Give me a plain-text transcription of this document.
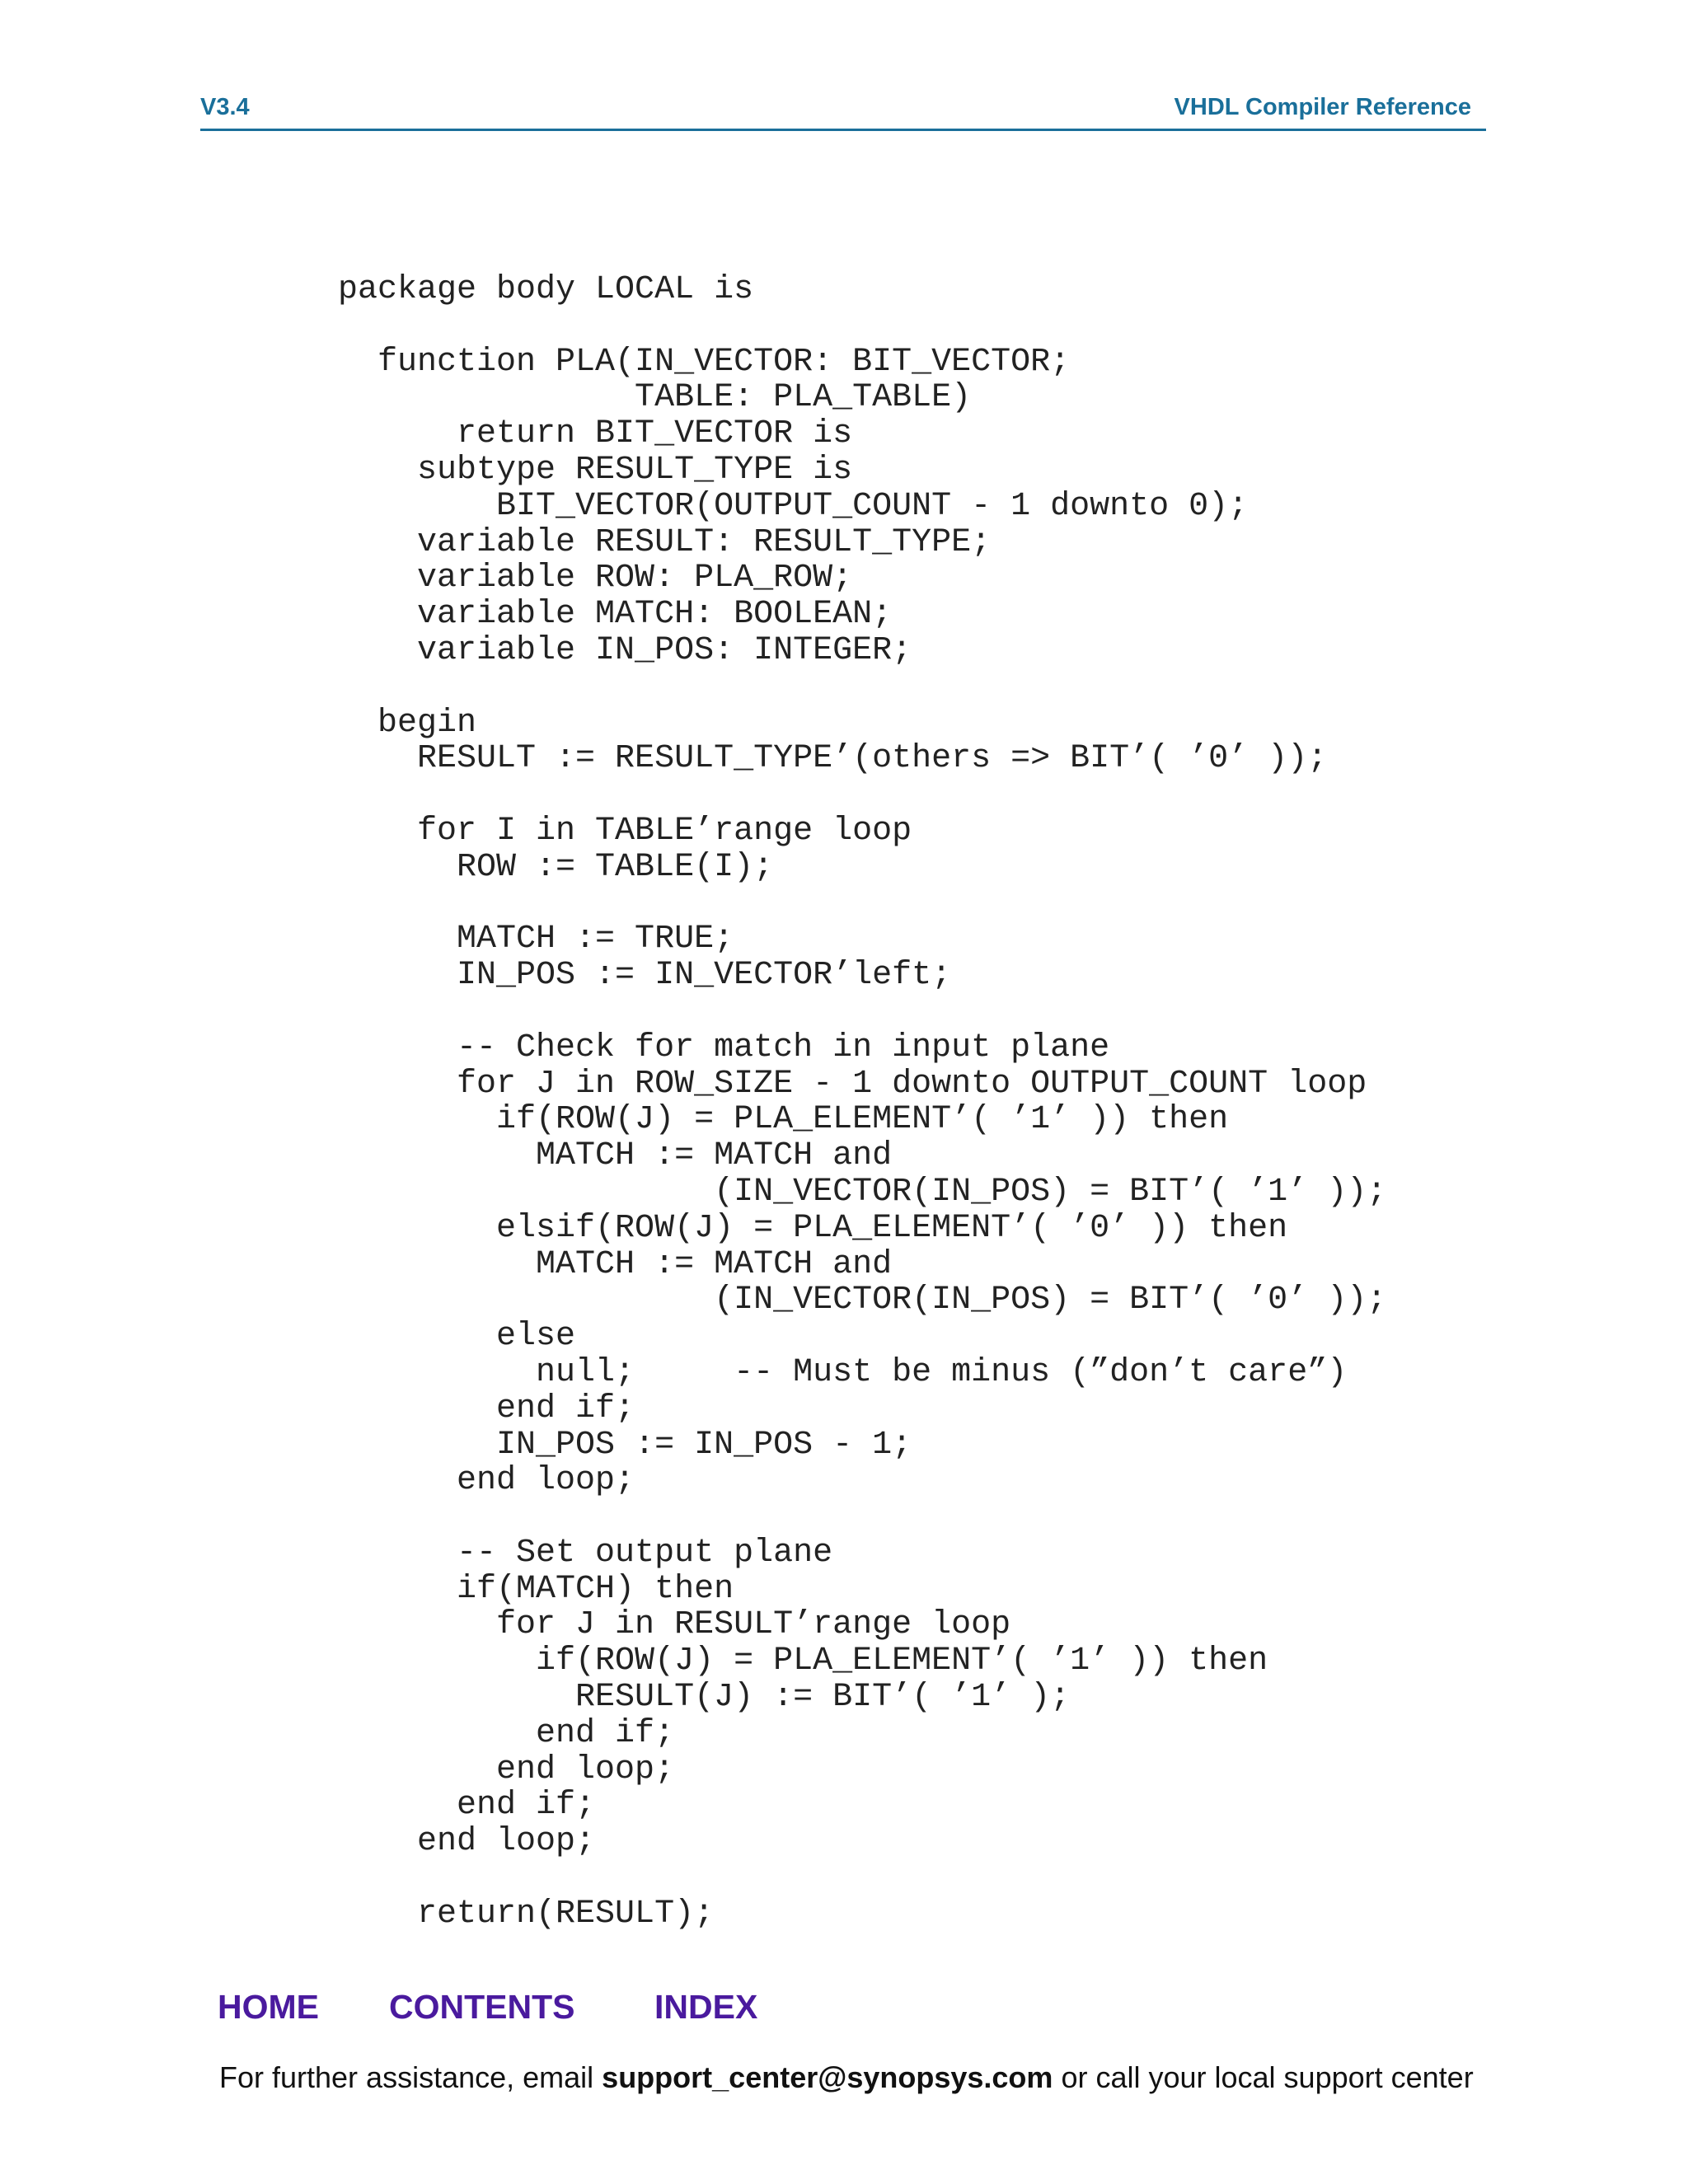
V3.4	VHDL Compiler Reference
package body LOCAL is
function PLA(IN_VECTOR: BIT_VECTOR;
TABLE: PLA_TABLE)
return BIT_VECTOR is
subtype RESULT_TYPE is
BIT_VECTOR(OUTPUT_COUNT - 1 downto 0);
variable RESULT: RESULT_TYPE;
variable ROW: PLA_ROW;
variable MATCH: BOOLEAN;
variable IN_POS: INTEGER;
begin
RESULT := RESULT_TYPE’(others => BIT’( ’0’ ));
for I in TABLE’range loop
ROW := TABLE(I);
MATCH := TRUE;
IN_POS := IN_VECTOR’left;
-- Check for match in input plane
for J in ROW_SIZE - 1 downto OUTPUT_COUNT loop
if(ROW(J) = PLA_ELEMENT’( ’1’ )) then
MATCH := MATCH and
(IN_VECTOR(IN_POS) = BIT’( ’1’ ));
elsif(ROW(J) = PLA_ELEMENT’( ’0’ )) then
MATCH := MATCH and
(IN_VECTOR(IN_POS) = BIT’( ’0’ ));
else
null;     -- Must be minus (”don’t care”)
end if;
IN_POS := IN_POS - 1;
end loop;
-- Set output plane
if(MATCH) then
for J in RESULT’range loop
if(ROW(J) = PLA_ELEMENT’( ’1’ )) then
RESULT(J) := BIT’( ’1’ );
end if;
end loop;
end if;
end loop;
return(RESULT);
HOME CONTENTS INDEX
For further assistance, email support_center@synopsys.com or call your local support center
